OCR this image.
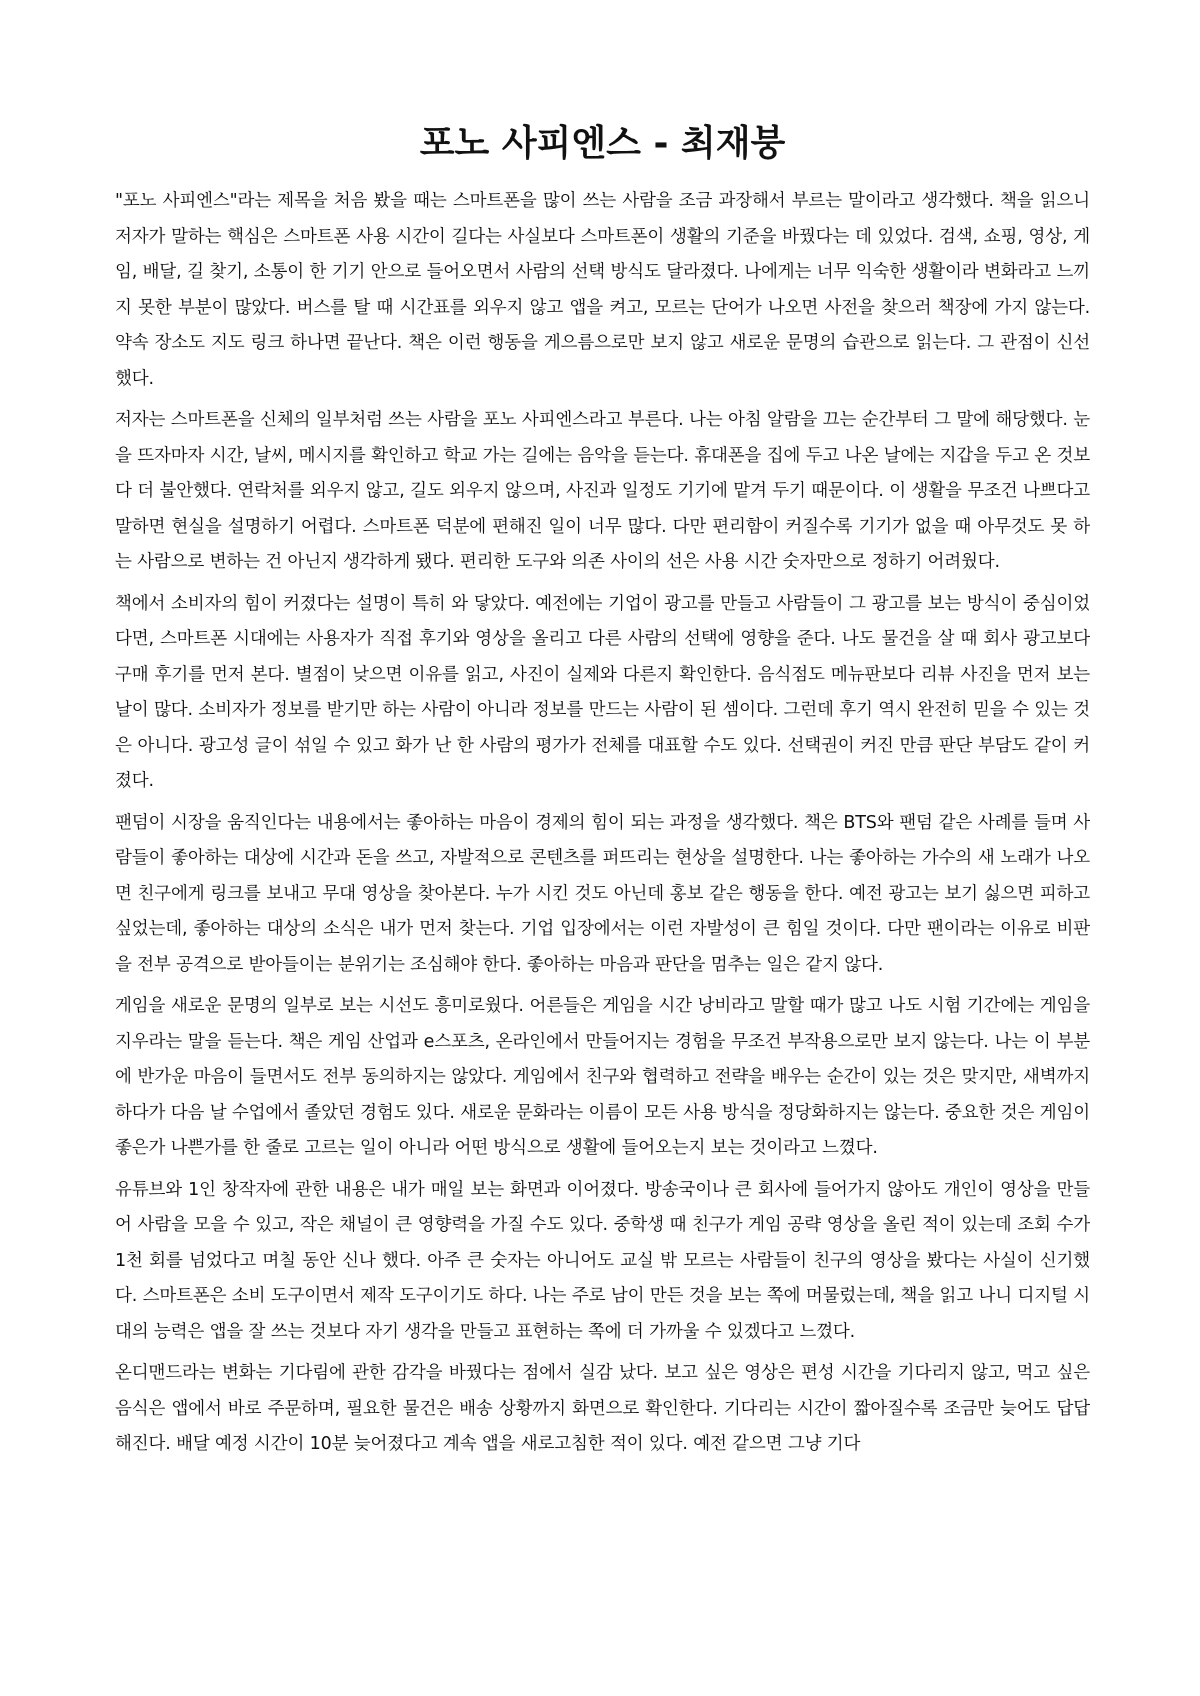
포노 사피엔스 - 최재붕

"포노 사피엔스"라는 제목을 처음 봤을 때는 스마트폰을 많이 쓰는 사람을 조금 과장해서 부르는 말이라고 생각했다. 책을 읽으니 저자가 말하는 핵심은 스마트폰 사용 시간이 길다는 사실보다 스마트폰이 생활의 기준을 바꿨다는 데 있었다. 검색, 쇼핑, 영상, 게임, 배달, 길 찾기, 소통이 한 기기 안으로 들어오면서 사람의 선택 방식도 달라졌다. 나에게는 너무 익숙한 생활이라 변화라고 느끼지 못한 부분이 많았다. 버스를 탈 때 시간표를 외우지 않고 앱을 켜고, 모르는 단어가 나오면 사전을 찾으러 책장에 가지 않는다. 약속 장소도 지도 링크 하나면 끝난다. 책은 이런 행동을 게으름으로만 보지 않고 새로운 문명의 습관으로 읽는다. 그 관점이 신선했다.

저자는 스마트폰을 신체의 일부처럼 쓰는 사람을 포노 사피엔스라고 부른다. 나는 아침 알람을 끄는 순간부터 그 말에 해당했다. 눈을 뜨자마자 시간, 날씨, 메시지를 확인하고 학교 가는 길에는 음악을 듣는다. 휴대폰을 집에 두고 나온 날에는 지갑을 두고 온 것보다 더 불안했다. 연락처를 외우지 않고, 길도 외우지 않으며, 사진과 일정도 기기에 맡겨 두기 때문이다. 이 생활을 무조건 나쁘다고 말하면 현실을 설명하기 어렵다. 스마트폰 덕분에 편해진 일이 너무 많다. 다만 편리함이 커질수록 기기가 없을 때 아무것도 못 하는 사람으로 변하는 건 아닌지 생각하게 됐다. 편리한 도구와 의존 사이의 선은 사용 시간 숫자만으로 정하기 어려웠다.

책에서 소비자의 힘이 커졌다는 설명이 특히 와 닿았다. 예전에는 기업이 광고를 만들고 사람들이 그 광고를 보는 방식이 중심이었다면, 스마트폰 시대에는 사용자가 직접 후기와 영상을 올리고 다른 사람의 선택에 영향을 준다. 나도 물건을 살 때 회사 광고보다 구매 후기를 먼저 본다. 별점이 낮으면 이유를 읽고, 사진이 실제와 다른지 확인한다. 음식점도 메뉴판보다 리뷰 사진을 먼저 보는 날이 많다. 소비자가 정보를 받기만 하는 사람이 아니라 정보를 만드는 사람이 된 셈이다. 그런데 후기 역시 완전히 믿을 수 있는 것은 아니다. 광고성 글이 섞일 수 있고 화가 난 한 사람의 평가가 전체를 대표할 수도 있다. 선택권이 커진 만큼 판단 부담도 같이 커졌다.

팬덤이 시장을 움직인다는 내용에서는 좋아하는 마음이 경제의 힘이 되는 과정을 생각했다. 책은 BTS와 팬덤 같은 사례를 들며 사람들이 좋아하는 대상에 시간과 돈을 쓰고, 자발적으로 콘텐츠를 퍼뜨리는 현상을 설명한다. 나는 좋아하는 가수의 새 노래가 나오면 친구에게 링크를 보내고 무대 영상을 찾아본다. 누가 시킨 것도 아닌데 홍보 같은 행동을 한다. 예전 광고는 보기 싫으면 피하고 싶었는데, 좋아하는 대상의 소식은 내가 먼저 찾는다. 기업 입장에서는 이런 자발성이 큰 힘일 것이다. 다만 팬이라는 이유로 비판을 전부 공격으로 받아들이는 분위기는 조심해야 한다. 좋아하는 마음과 판단을 멈추는 일은 같지 않다.

게임을 새로운 문명의 일부로 보는 시선도 흥미로웠다. 어른들은 게임을 시간 낭비라고 말할 때가 많고 나도 시험 기간에는 게임을 지우라는 말을 듣는다. 책은 게임 산업과 e스포츠, 온라인에서 만들어지는 경험을 무조건 부작용으로만 보지 않는다. 나는 이 부분에 반가운 마음이 들면서도 전부 동의하지는 않았다. 게임에서 친구와 협력하고 전략을 배우는 순간이 있는 것은 맞지만, 새벽까지 하다가 다음 날 수업에서 졸았던 경험도 있다. 새로운 문화라는 이름이 모든 사용 방식을 정당화하지는 않는다. 중요한 것은 게임이 좋은가 나쁜가를 한 줄로 고르는 일이 아니라 어떤 방식으로 생활에 들어오는지 보는 것이라고 느꼈다.

유튜브와 1인 창작자에 관한 내용은 내가 매일 보는 화면과 이어졌다. 방송국이나 큰 회사에 들어가지 않아도 개인이 영상을 만들어 사람을 모을 수 있고, 작은 채널이 큰 영향력을 가질 수도 있다. 중학생 때 친구가 게임 공략 영상을 올린 적이 있는데 조회 수가 1천 회를 넘었다고 며칠 동안 신나 했다. 아주 큰 숫자는 아니어도 교실 밖 모르는 사람들이 친구의 영상을 봤다는 사실이 신기했다. 스마트폰은 소비 도구이면서 제작 도구이기도 하다. 나는 주로 남이 만든 것을 보는 쪽에 머물렀는데, 책을 읽고 나니 디지털 시대의 능력은 앱을 잘 쓰는 것보다 자기 생각을 만들고 표현하는 쪽에 더 가까울 수 있겠다고 느꼈다.

온디맨드라는 변화는 기다림에 관한 감각을 바꿨다는 점에서 실감 났다. 보고 싶은 영상은 편성 시간을 기다리지 않고, 먹고 싶은 음식은 앱에서 바로 주문하며, 필요한 물건은 배송 상황까지 화면으로 확인한다. 기다리는 시간이 짧아질수록 조금만 늦어도 답답해진다. 배달 예정 시간이 10분 늦어졌다고 계속 앱을 새로고침한 적이 있다. 예전 같으면 그냥 기다
